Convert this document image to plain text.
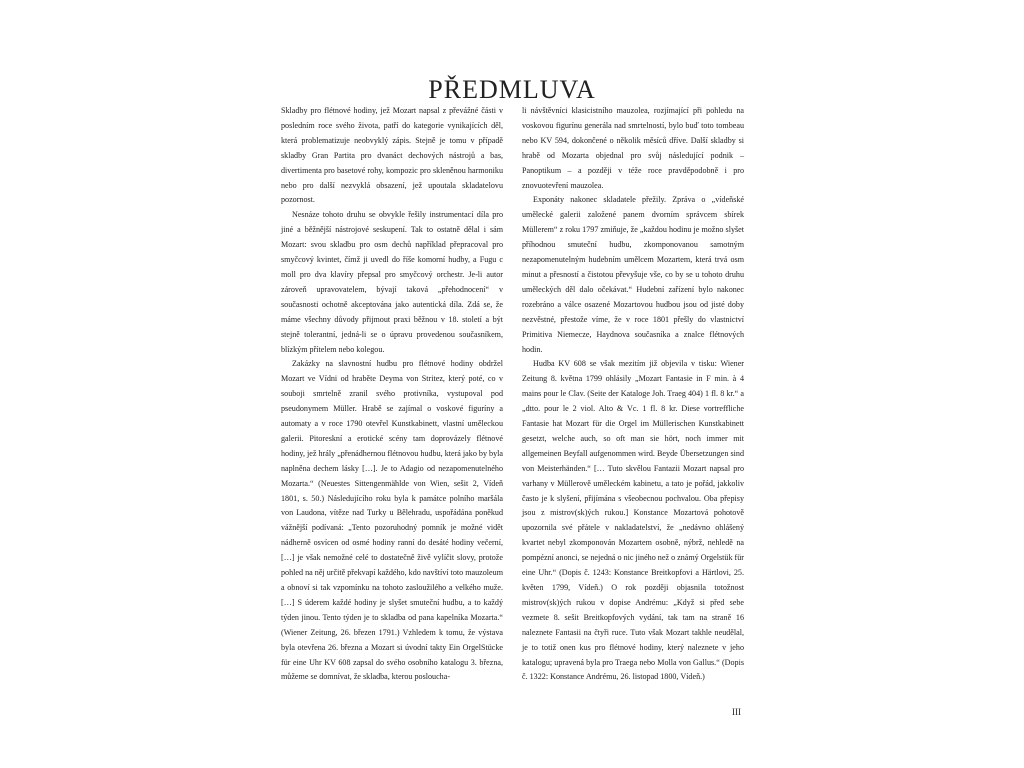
PŘEDMLUVA

Skladby pro flétnové hodiny, jež Mozart napsal z převážné části v posledním roce svého života, patří do kategorie vynikajících děl, která problematizuje neobvyklý zápis. Stejně je tomu v případě skladby Gran Partita pro dvanáct dechových nástrojů a bas, divertimenta pro basetové rohy, kompozic pro skleněnou harmoniku nebo pro další nezvyklá obsazení, jež upoutala skladatelovu pozornost.

Nesnáze tohoto druhu se obvykle řešily instrumentací díla pro jiné a běžnější nástrojové seskupení. Tak to ostatně dělal i sám Mozart: svou skladbu pro osm dechů například přepracoval pro smyčcový kvintet, čímž ji uvedl do říše komorní hudby, a Fugu c moll pro dva klavíry přepsal pro smyčcový orchestr. Je-li autor zároveň upravovatelem, bývají taková „přehodnocení“ v současnosti ochotně akceptována jako autentická díla. Zdá se, že máme všechny důvody přijmout praxi běžnou v 18. století a být stejně tolerantní, jedná-li se o úpravu provedenou současníkem, blízkým přítelem nebo kolegou.

Zakázky na slavnostní hudbu pro flétnové hodiny obdržel Mozart ve Vídni od hraběte Deyma von Stritez, který poté, co v souboji smrtelně zranil svého protivníka, vystupoval pod pseudonymem Müller. Hrabě se zajímal o voskové figuríny a automaty a v roce 1790 otevřel Kunstkabinett, vlastní uměleckou galerii. Pitoreskní a erotické scény tam doprovázely flétnové hodiny, jež hrály „přenádhernou flétnovou hudbu, která jako by byla naplněna dechem lásky […]. Je to Adagio od nezapomenutelného Mozarta.“ (Neuestes Sittengenmählde von Wien, sešit 2, Vídeň 1801, s. 50.) Následujícího roku byla k památce polního maršála von Laudona, vítěze nad Turky u Bělehradu, uspořádána poněkud vážnější podívaná: „Tento pozoruhodný pomník je možné vidět nádherně osvícen od osmé hodiny ranní do desáté hodiny večerní, […] je však nemožné celé to dostatečně živě vylíčit slovy, protože pohled na něj určitě překvapí každého, kdo navštíví toto mauzoleum a obnoví si tak vzpomínku na tohoto zasloužilého a velkého muže. […] S úderem každé hodiny je slyšet smuteční hudbu, a to každý týden jinou. Tento týden je to skladba od pana kapelníka Mozarta.“ (Wiener Zeitung, 26. březen 1791.) Vzhledem k tomu, že výstava byla otevřena 26. března a Mozart si úvodní takty Ein OrgelStücke für eine Uhr KV 608 zapsal do svého osobního katalogu 3. března, můžeme se domnívat, že skladba, kterou posloucha-

li návštěvníci klasicistního mauzolea, rozjímající při pohledu na voskovou figurínu generála nad smrtelností, bylo buď toto tombeau nebo KV 594, dokončené o několik měsíců dříve. Další skladby si hrabě od Mozarta objednal pro svůj následující podnik – Panoptikum – a později v téže roce pravděpodobně i pro znovuotevření mauzolea.

Exponáty nakonec skladatele přežily. Zpráva o „vídeňské umělecké galerii založené panem dvorním správcem sbírek Müllerem“ z roku 1797 zmiňuje, že „každou hodinu je možno slyšet příhodnou smuteční hudbu, zkomponovanou samotným nezapomenutelným hudebním umělcem Mozartem, která trvá osm minut a přesností a čistotou převyšuje vše, co by se u tohoto druhu uměleckých děl dalo očekávat.“ Hudební zařízení bylo nakonec rozebráno a válce osazené Mozartovou hudbou jsou od jisté doby nezvěstné, přestože víme, že v roce 1801 přešly do vlastnictví Primitiva Niemecze, Haydnova současníka a znalce flétnových hodin.

Hudba KV 608 se však mezitím již objevila v tisku: Wiener Zeitung 8. května 1799 ohlásily „Mozart Fantasie in F min. à 4 mains pour le Clav. (Seite der Kataloge Joh. Traeg 404) 1 fl. 8 kr.“ a „dtto. pour le 2 viol. Alto & Vc. 1 fl. 8 kr. Diese vortreffliche Fantasie hat Mozart für die Orgel im Müllerischen Kunstkabinett gesetzt, welche auch, so oft man sie hört, noch immer mit allgemeinen Beyfall aufgenommen wird. Beyde Übersetzungen sind von Meisterhänden.“ [… Tuto skvělou Fantazii Mozart napsal pro varhany v Müllerově uměleckém kabinetu, a tato je pořád, jakkoliv často je k slyšení, přijímána s všeobecnou pochvalou. Oba přepisy jsou z mistrov(sk)ých rukou.] Konstance Mozartová pohotově upozornila své přátele v nakladatelství, že „nedávno ohlášený kvartet nebyl zkomponován Mozartem osobně, nýbrž, nehledě na pompézní anonci, se nejedná o nic jiného než o známý Orgelstük für eine Uhr.“ (Dopis č. 1243: Konstance Breitkopfovi a Härtlovi, 25. květen 1799, Vídeň.) O rok později objasnila totožnost mistrov(sk)ých rukou v dopise Andrému: „Když si před sebe vezmete 8. sešit Breitkopfových vydání, tak tam na straně 16 naleznete Fantasii na čtyři ruce. Tuto však Mozart takhle neudělal, je to totiž onen kus pro flétnové hodiny, který naleznete v jeho katalogu; upravená byla pro Traega nebo Molla von Gallus.“ (Dopis č. 1322: Konstance Andrému, 26. listopad 1800, Vídeň.)

III
